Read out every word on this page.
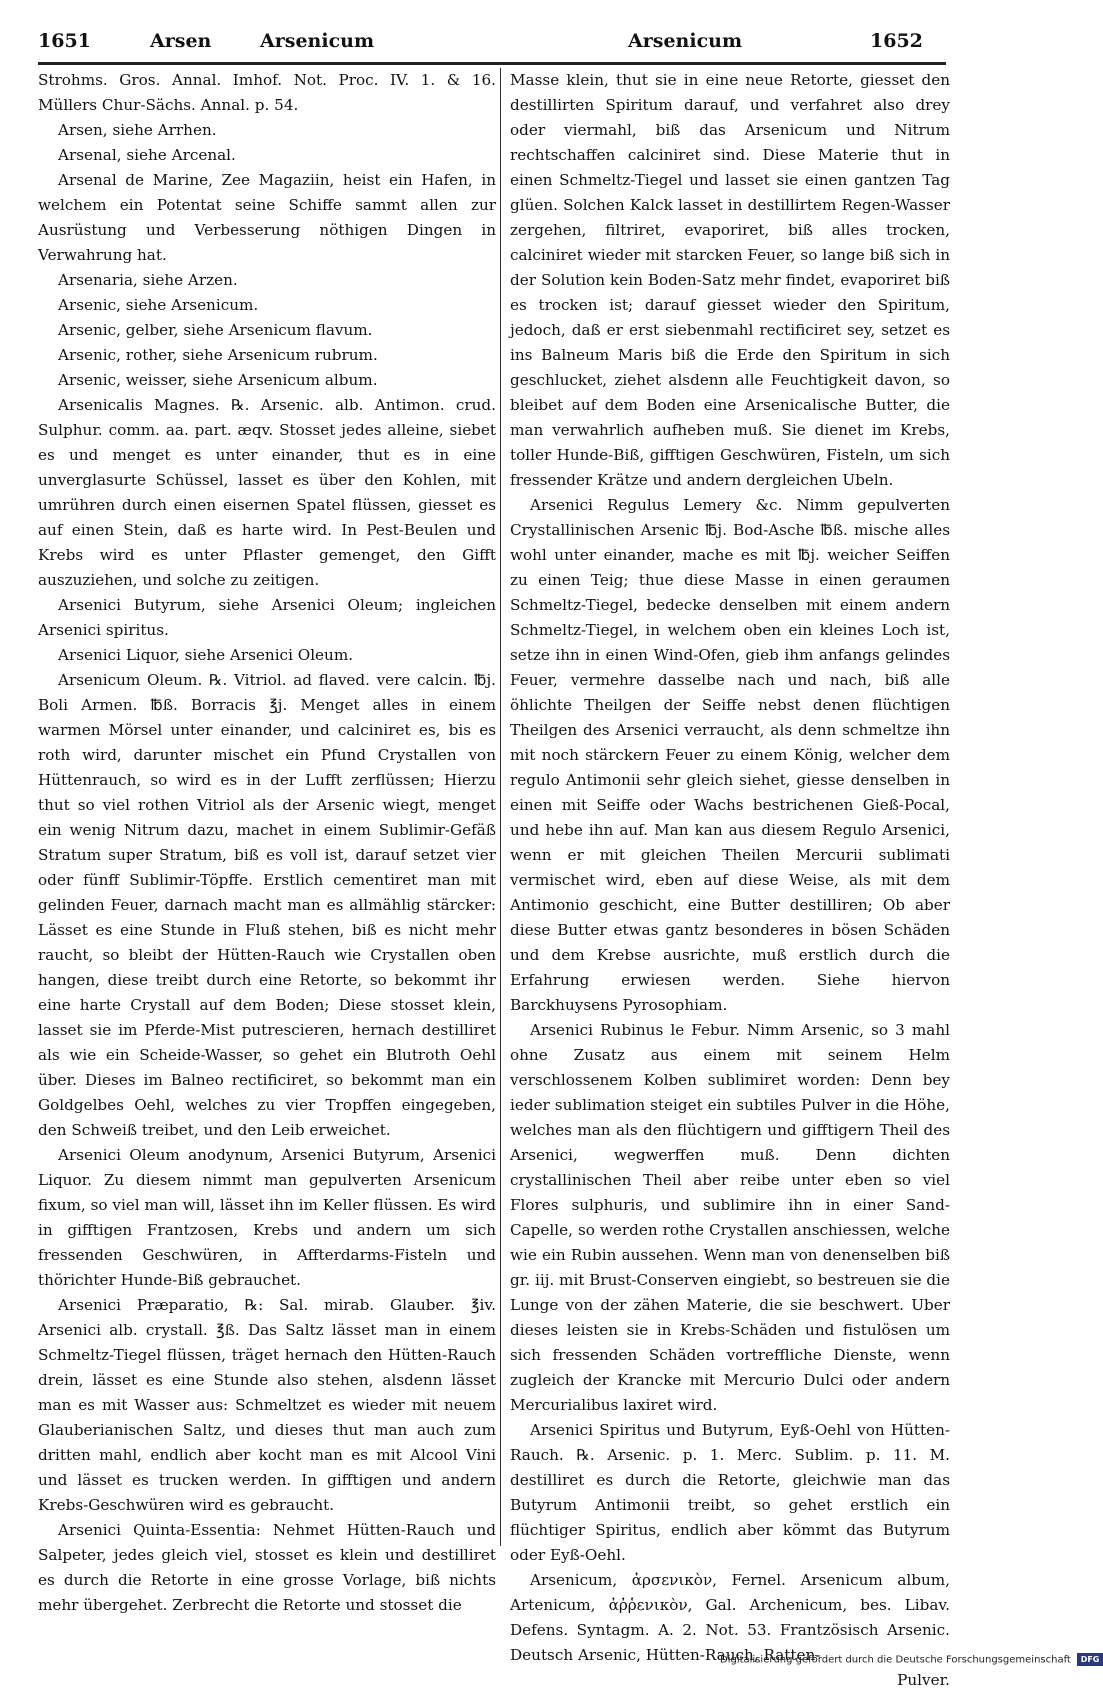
1651	Arsen	Arsenicum	Arsenicum	1652

Strohms. Gros. Annal. Imhof. Not. Proc. IV. 1. & 16. Müllers Chur-Sächs. Annal. p. 54.

Arsen, siehe Arrhen.

Arsenal, siehe Arcenal.

Arsenal de Marine, Zee Magaziin, heist ein Hafen, in welchem ein Potentat seine Schiffe sammt allen zur Ausrüstung und Verbesserung nöthigen Dingen in Verwahrung hat.

Arsenaria, siehe Arzen.

Arsenic, siehe Arsenicum.

Arsenic, gelber, siehe Arsenicum flavum.

Arsenic, rother, siehe Arsenicum rubrum.

Arsenic, weisser, siehe Arsenicum album.

Arsenicalis Magnes. ℞. Arsenic. alb. Antimon. crud. Sulphur. comm. aa. part. æqv. Stosset jedes alleine, siebet es und menget es unter einander, thut es in eine unverglasurte Schüssel, lasset es über den Kohlen, mit umrühren durch einen eisernen Spatel flüssen, giesset es auf einen Stein, daß es harte wird. In Pest-Beulen und Krebs wird es unter Pflaster gemenget, den Gifft auszuziehen, und solche zu zeitigen.

Arsenici Butyrum, siehe Arsenici Oleum; ingleichen Arsenici spiritus.

Arsenici Liquor, siehe Arsenici Oleum.

Arsenicum Oleum. ℞. Vitriol. ad flaved. vere calcin. ℔j. Boli Armen. ℔ß. Borracis ℥j. Menget alles in einem warmen Mörsel unter einander, und calciniret es, bis es roth wird, darunter mischet ein Pfund Crystallen von Hüttenrauch, so wird es in der Lufft zerflüssen; Hierzu thut so viel rothen Vitriol als der Arsenic wiegt, menget ein wenig Nitrum dazu, machet in einem Sublimir-Gefäß Stratum super Stratum, biß es voll ist, darauf setzet vier oder fünff Sublimir-Töpffe. Erstlich cementiret man mit gelinden Feuer, darnach macht man es allmählig stärcker: Lässet es eine Stunde in Fluß stehen, biß es nicht mehr raucht, so bleibt der Hütten-Rauch wie Crystallen oben hangen, diese treibt durch eine Retorte, so bekommt ihr eine harte Crystall auf dem Boden; Diese stosset klein, lasset sie im Pferde-Mist putrescieren, hernach destilliret als wie ein Scheide-Wasser, so gehet ein Blutroth Oehl über. Dieses im Balneo rectificiret, so bekommt man ein Goldgelbes Oehl, welches zu vier Tropffen eingegeben, den Schweiß treibet, und den Leib erweichet.

Arsenici Oleum anodynum, Arsenici Butyrum, Arsenici Liquor. Zu diesem nimmt man gepulverten Arsenicum fixum, so viel man will, lässet ihn im Keller flüssen. Es wird in gifftigen Frantzosen, Krebs und andern um sich fressenden Geschwüren, in Affterdarms-Fisteln und thörichter Hunde-Biß gebrauchet.

Arsenici Præparatio, ℞: Sal. mirab. Glauber. ℥iv. Arsenici alb. crystall. ℥ß. Das Saltz lässet man in einem Schmeltz-Tiegel flüssen, träget hernach den Hütten-Rauch drein, lässet es eine Stunde also stehen, alsdenn lässet man es mit Wasser aus: Schmeltzet es wieder mit neuem Glauberianischen Saltz, und dieses thut man auch zum dritten mahl, endlich aber kocht man es mit Alcool Vini und lässet es trucken werden. In gifftigen und andern Krebs-Geschwüren wird es gebraucht.

Arsenici Quinta-Essentia: Nehmet Hütten-Rauch und Salpeter, jedes gleich viel, stosset es klein und destilliret es durch die Retorte in eine grosse Vorlage, biß nichts mehr übergehet. Zerbrecht die Retorte und stosset die

Masse klein, thut sie in eine neue Retorte, giesset den destillirten Spiritum darauf, und verfahret also drey oder viermahl, biß das Arsenicum und Nitrum rechtschaffen calciniret sind. Diese Materie thut in einen Schmeltz-Tiegel und lasset sie einen gantzen Tag glüen. Solchen Kalck lasset in destillirtem Regen-Wasser zergehen, filtriret, evaporiret, biß alles trocken, calciniret wieder mit starcken Feuer, so lange biß sich in der Solution kein Boden-Satz mehr findet, evaporiret biß es trocken ist; darauf giesset wieder den Spiritum, jedoch, daß er erst siebenmahl rectificiret sey, setzet es ins Balneum Maris biß die Erde den Spiritum in sich geschlucket, ziehet alsdenn alle Feuchtigkeit davon, so bleibet auf dem Boden eine Arsenicalische Butter, die man verwahrlich aufheben muß. Sie dienet im Krebs, toller Hunde-Biß, gifftigen Geschwüren, Fisteln, um sich fressender Krätze und andern dergleichen Ubeln.

Arsenici Regulus Lemery &c. Nimm gepulverten Crystallinischen Arsenic ℔j. Bod-Asche ℔ß. mische alles wohl unter einander, mache es mit ℔j. weicher Seiffen zu einen Teig; thue diese Masse in einen geraumen Schmeltz-Tiegel, bedecke denselben mit einem andern Schmeltz-Tiegel, in welchem oben ein kleines Loch ist, setze ihn in einen Wind-Ofen, gieb ihm anfangs gelindes Feuer, vermehre dasselbe nach und nach, biß alle öhlichte Theilgen der Seiffe nebst denen flüchtigen Theilgen des Arsenici verraucht, als denn schmeltze ihn mit noch stärckern Feuer zu einem König, welcher dem regulo Antimonii sehr gleich siehet, giesse denselben in einen mit Seiffe oder Wachs bestrichenen Gieß-Pocal, und hebe ihn auf. Man kan aus diesem Regulo Arsenici, wenn er mit gleichen Theilen Mercurii sublimati vermischet wird, eben auf diese Weise, als mit dem Antimonio geschicht, eine Butter destilliren; Ob aber diese Butter etwas gantz besonderes in bösen Schäden und dem Krebse ausrichte, muß erstlich durch die Erfahrung erwiesen werden. Siehe hiervon Barckhuysens Pyrosophiam.

Arsenici Rubinus le Febur. Nimm Arsenic, so 3 mahl ohne Zusatz aus einem mit seinem Helm verschlossenem Kolben sublimiret worden: Denn bey ieder sublimation steiget ein subtiles Pulver in die Höhe, welches man als den flüchtigern und gifftigern Theil des Arsenici, wegwerffen muß. Denn dichten crystallinischen Theil aber reibe unter eben so viel Flores sulphuris, und sublimire ihn in einer Sand-Capelle, so werden rothe Crystallen anschiessen, welche wie ein Rubin aussehen. Wenn man von denenselben biß gr. iij. mit Brust-Conserven eingiebt, so bestreuen sie die Lunge von der zähen Materie, die sie beschwert. Uber dieses leisten sie in Krebs-Schäden und fistulösen um sich fressenden Schäden vortreffliche Dienste, wenn zugleich der Krancke mit Mercurio Dulci oder andern Mercurialibus laxiret wird.

Arsenici Spiritus und Butyrum, Eyß-Oehl von Hütten-Rauch. ℞. Arsenic. p. 1. Merc. Sublim. p. 11. M. destilliret es durch die Retorte, gleichwie man das Butyrum Antimonii treibt, so gehet erstlich ein flüchtiger Spiritus, endlich aber kömmt das Butyrum oder Eyß-Oehl.

Arsenicum, ἀρσενικὸν, Fernel. Arsenicum album, Artenicum, ἀῤῥενικὸν, Gal. Archenicum, bes. Libav. Defens. Syntagm. A. 2. Not. 53. Frantzösisch Arsenic. Deutsch Arsenic, Hütten-Rauch, Ratten-

Pulver.

Digitalisierung gefördert durch die Deutsche Forschungsgemeinschaft DFG
